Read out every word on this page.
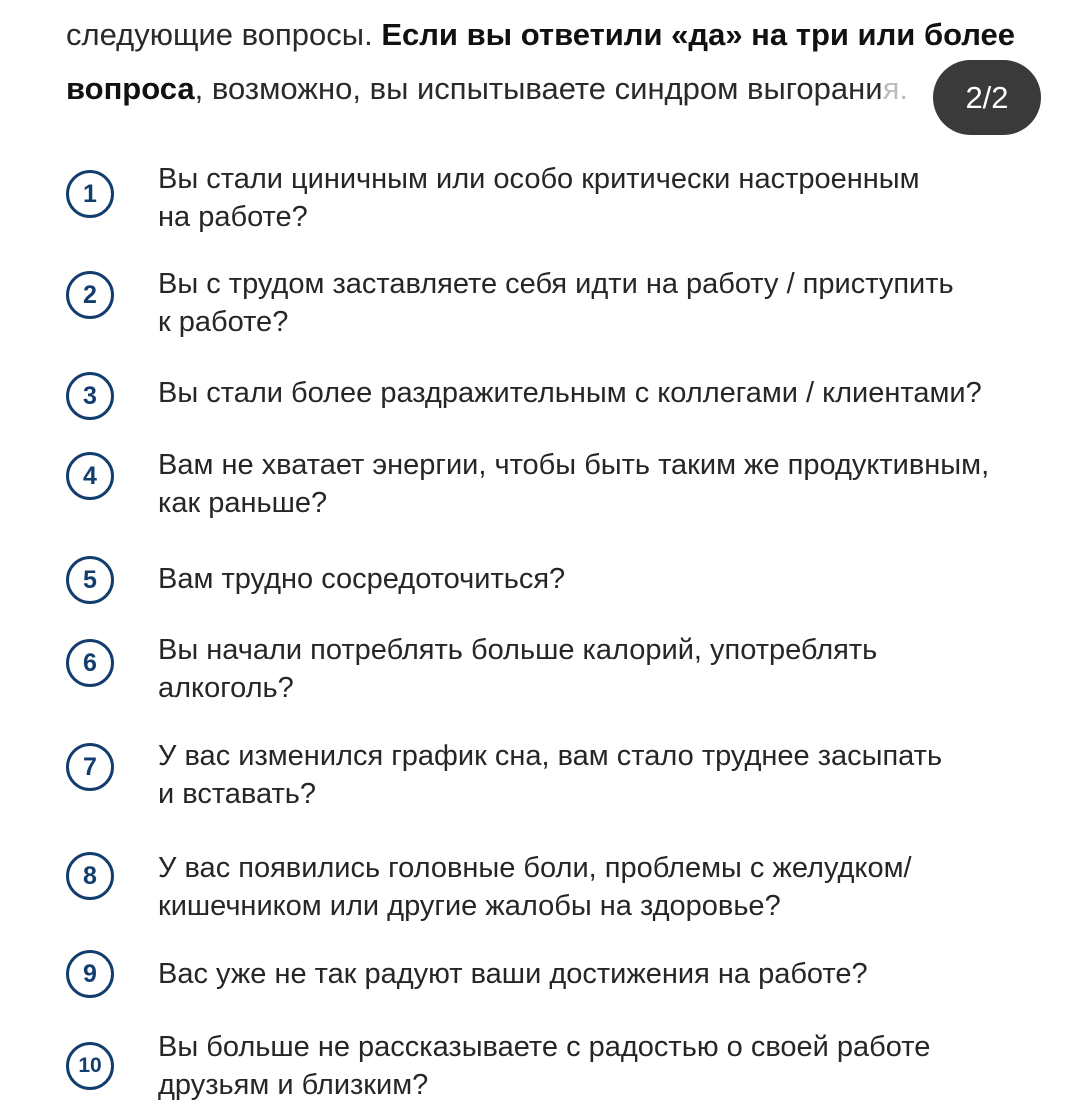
следующие вопросы. Если вы ответили «да» на три или более
вопроса, возможно, вы испытываете синдром выгорания.	2/2
1	Вы стали циничным или особо критически настроенным
на работе?
2	Вы с трудом заставляете себя идти на работу / приступить
к работе?
3	Вы стали более раздражительным с коллегами / клиентами?
4	Вам не хватает энергии, чтобы быть таким же продуктивным,
как раньше?
5	Вам трудно сосредоточиться?
6	Вы начали потреблять больше калорий, употреблять
алкоголь?
7	У вас изменился график сна, вам стало труднее засыпать
и вставать?
8	У вас появились головные боли, проблемы с желудком/
кишечником или другие жалобы на здоровье?
9	Вас уже не так радуют ваши достижения на работе?
10
Вы больше не рассказываете с радостью о своей работе
друзьям и близким?
